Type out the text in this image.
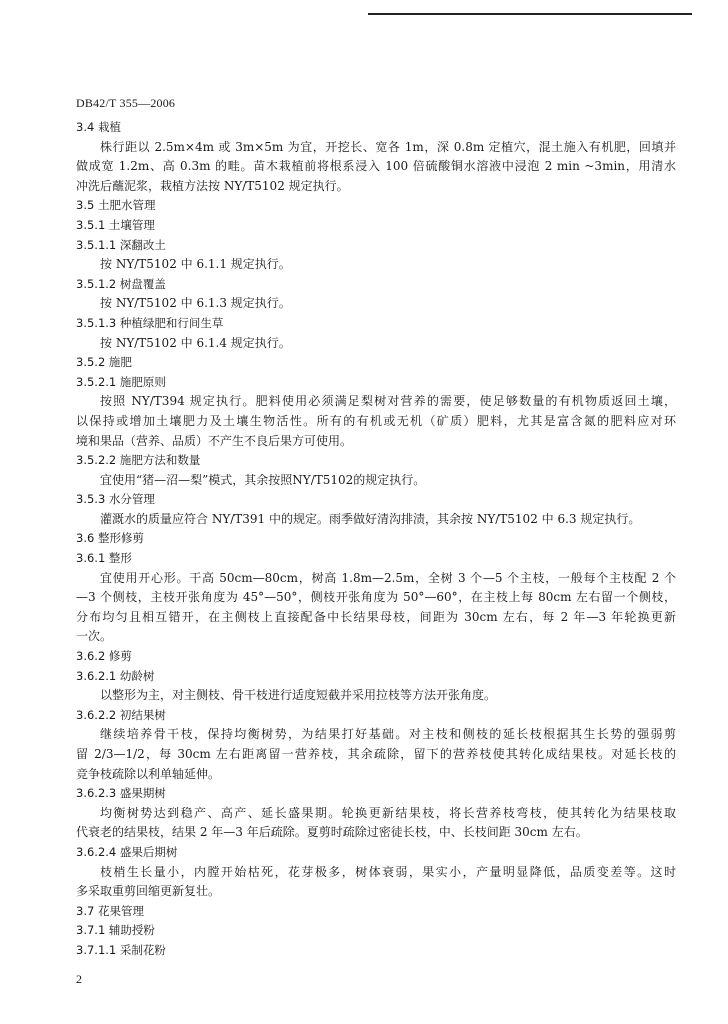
DB42/T 355—2006
3.4 栽植
株行距以 2.5m×4m 或 3m×5m 为宜，开挖长、宽各 1m，深 0.8m 定植穴，混土施入有机肥，回填并
做成宽 1.2m、高 0.3m 的畦。苗木栽植前将根系浸入 100 倍硫酸铜水溶液中浸泡 2 min ~3min，用清水
冲洗后蘸泥浆，栽植方法按 NY/T5102 规定执行。
3.5 土肥水管理
3.5.1 土壤管理
3.5.1.1 深翻改土
按 NY/T5102 中 6.1.1 规定执行。
3.5.1.2 树盘覆盖
按 NY/T5102 中 6.1.3 规定执行。
3.5.1.3 种植绿肥和行间生草
按 NY/T5102 中 6.1.4 规定执行。
3.5.2 施肥
3.5.2.1 施肥原则
按照 NY/T394 规定执行。肥料使用必须满足梨树对营养的需要，使足够数量的有机物质返回土壤，
以保持或增加土壤肥力及土壤生物活性。所有的有机或无机（矿质）肥料，尤其是富含氮的肥料应对环
境和果品（营养、品质）不产生不良后果方可使用。
3.5.2.2 施肥方法和数量
宜使用“猪—沼—梨”模式，其余按照NY/T5102的规定执行。
3.5.3 水分管理
灌溉水的质量应符合 NY/T391 中的规定。雨季做好清沟排渍，其余按 NY/T5102 中 6.3 规定执行。
3.6 整形修剪
3.6.1 整形
宜使用开心形。干高 50cm—80cm，树高 1.8m—2.5m，全树 3 个—5 个主枝，一般每个主枝配 2 个
—3 个侧枝，主枝开张角度为 45°—50°，侧枝开张角度为 50°—60°，在主枝上每 80cm 左右留一个侧枝，
分布均匀且相互错开，在主侧枝上直接配备中长结果母枝，间距为 30cm 左右，每 2 年—3 年轮换更新
一次。
3.6.2 修剪
3.6.2.1 幼龄树
以整形为主，对主侧枝、骨干枝进行适度短截并采用拉枝等方法开张角度。
3.6.2.2 初结果树
继续培养骨干枝，保持均衡树势，为结果打好基础。对主枝和侧枝的延长枝根据其生长势的强弱剪
留 2/3—1/2，每 30cm 左右距离留一营养枝，其余疏除，留下的营养枝使其转化成结果枝。对延长枝的
竞争枝疏除以利单轴延伸。
3.6.2.3 盛果期树
均衡树势达到稳产、高产、延长盛果期。轮换更新结果枝，将长营养枝弯枝，使其转化为结果枝取
代衰老的结果枝，结果 2 年—3 年后疏除。夏剪时疏除过密徒长枝，中、长枝间距 30cm 左右。
3.6.2.4 盛果后期树
枝梢生长量小，内膛开始枯死，花芽极多，树体衰弱，果实小，产量明显降低，品质变差等。这时
多采取重剪回缩更新复壮。
3.7 花果管理
3.7.1 辅助授粉
3.7.1.1 采制花粉
2
